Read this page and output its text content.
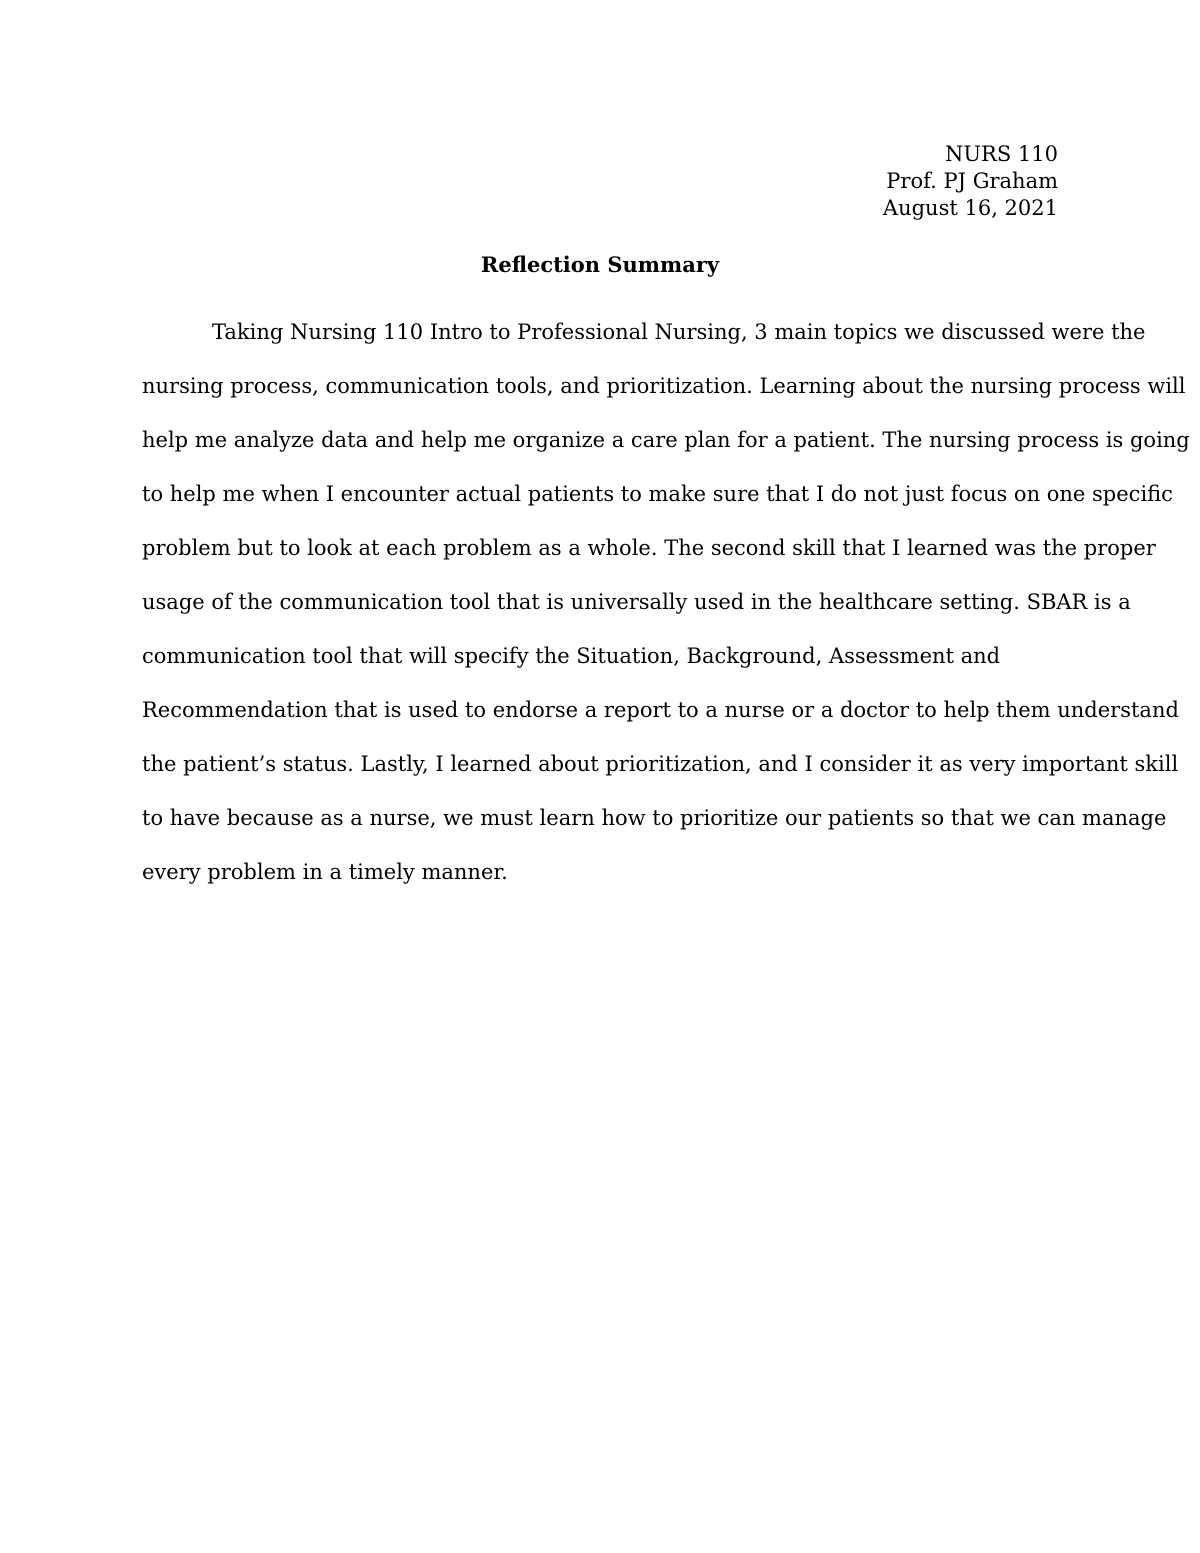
NURS 110
Prof. PJ Graham
August 16, 2021
Reflection Summary
Taking Nursing 110 Intro to Professional Nursing, 3 main topics we discussed were the
nursing process, communication tools, and prioritization. Learning about the nursing process will
help me analyze data and help me organize a care plan for a patient. The nursing process is going
to help me when I encounter actual patients to make sure that I do not just focus on one specific
problem but to look at each problem as a whole. The second skill that I learned was the proper
usage of the communication tool that is universally used in the healthcare setting. SBAR is a
communication tool that will specify the Situation, Background, Assessment and
Recommendation that is used to endorse a report to a nurse or a doctor to help them understand
the patient’s status. Lastly, I learned about prioritization, and I consider it as very important skill
to have because as a nurse, we must learn how to prioritize our patients so that we can manage
every problem in a timely manner.
